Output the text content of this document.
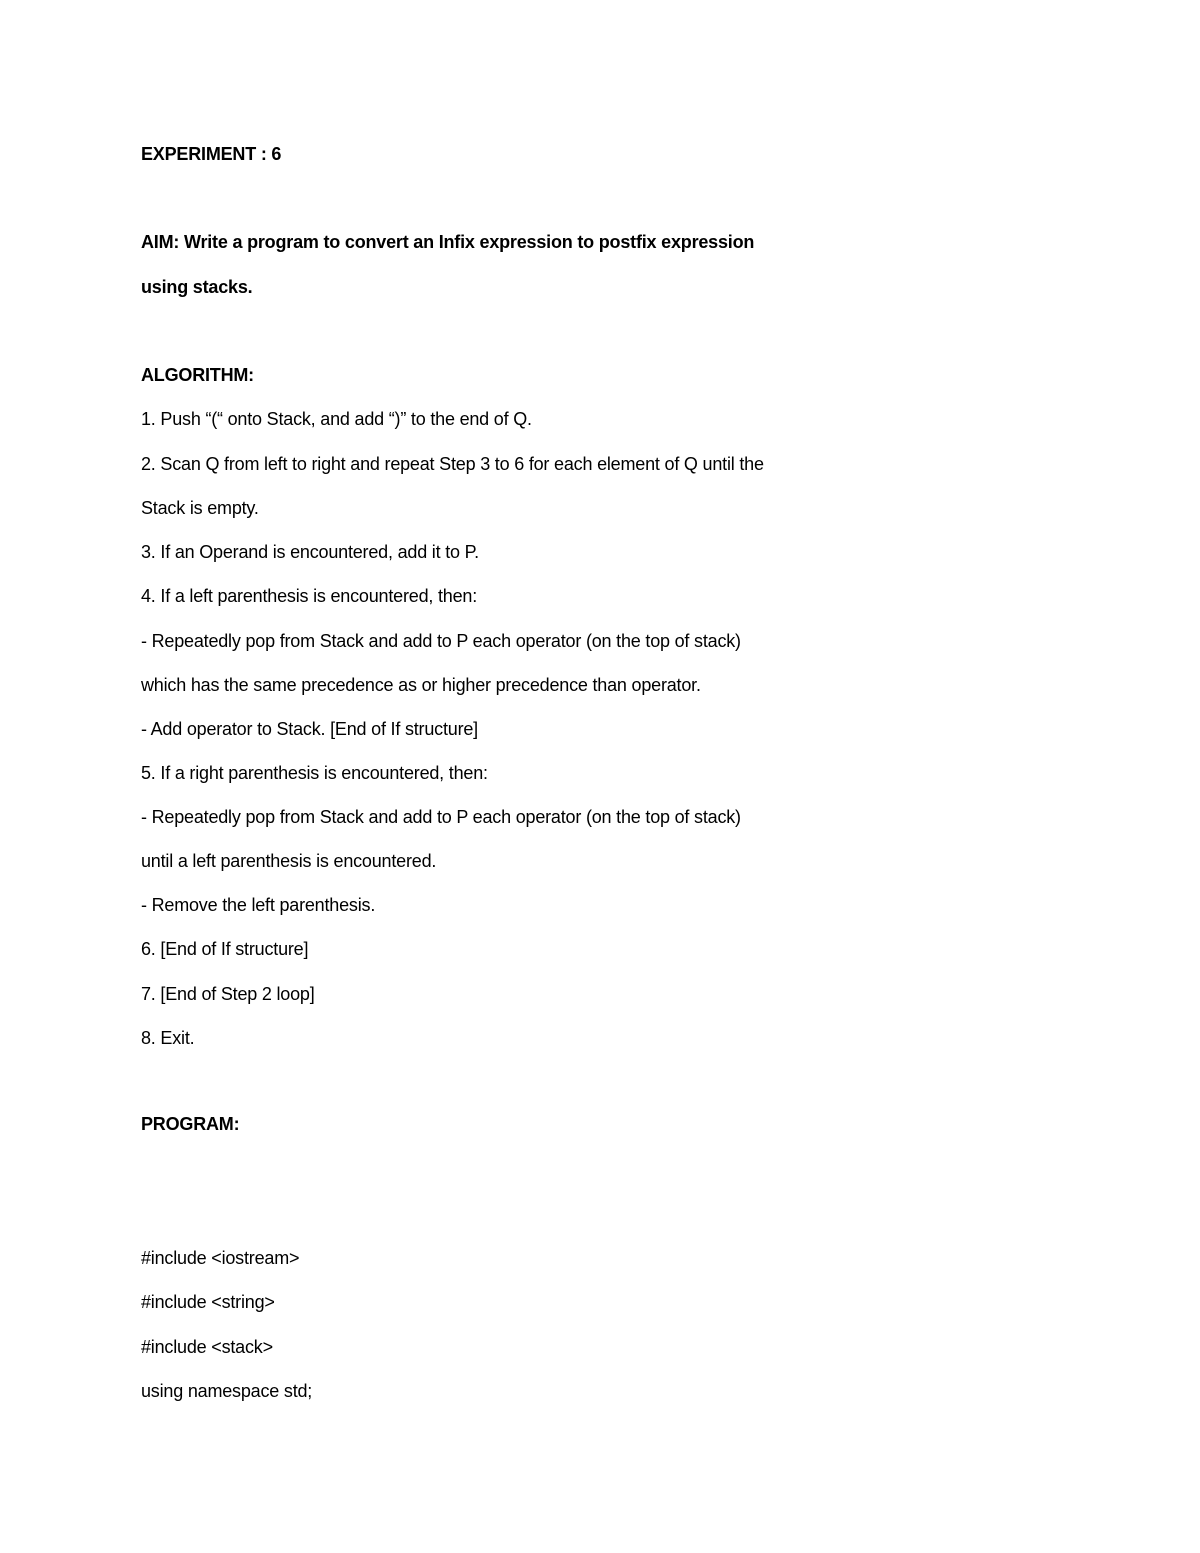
EXPERIMENT : 6
AIM: Write a program to convert an Infix expression to postfix expression
using stacks.
ALGORITHM:
1. Push “(“ onto Stack, and add “)” to the end of Q.
2. Scan Q from left to right and repeat Step 3 to 6 for each element of Q until the
Stack is empty.
3. If an Operand is encountered, add it to P.
4. If a left parenthesis is encountered, then:
- Repeatedly pop from Stack and add to P each operator (on the top of stack)
which has the same precedence as or higher precedence than operator.
- Add operator to Stack. [End of If structure]
5. If a right parenthesis is encountered, then:
- Repeatedly pop from Stack and add to P each operator (on the top of stack)
until a left parenthesis is encountered.
- Remove the left parenthesis.
6. [End of If structure]
7. [End of Step 2 loop]
8. Exit.
PROGRAM:
#include <iostream>
#include <string>
#include <stack>
using namespace std;
